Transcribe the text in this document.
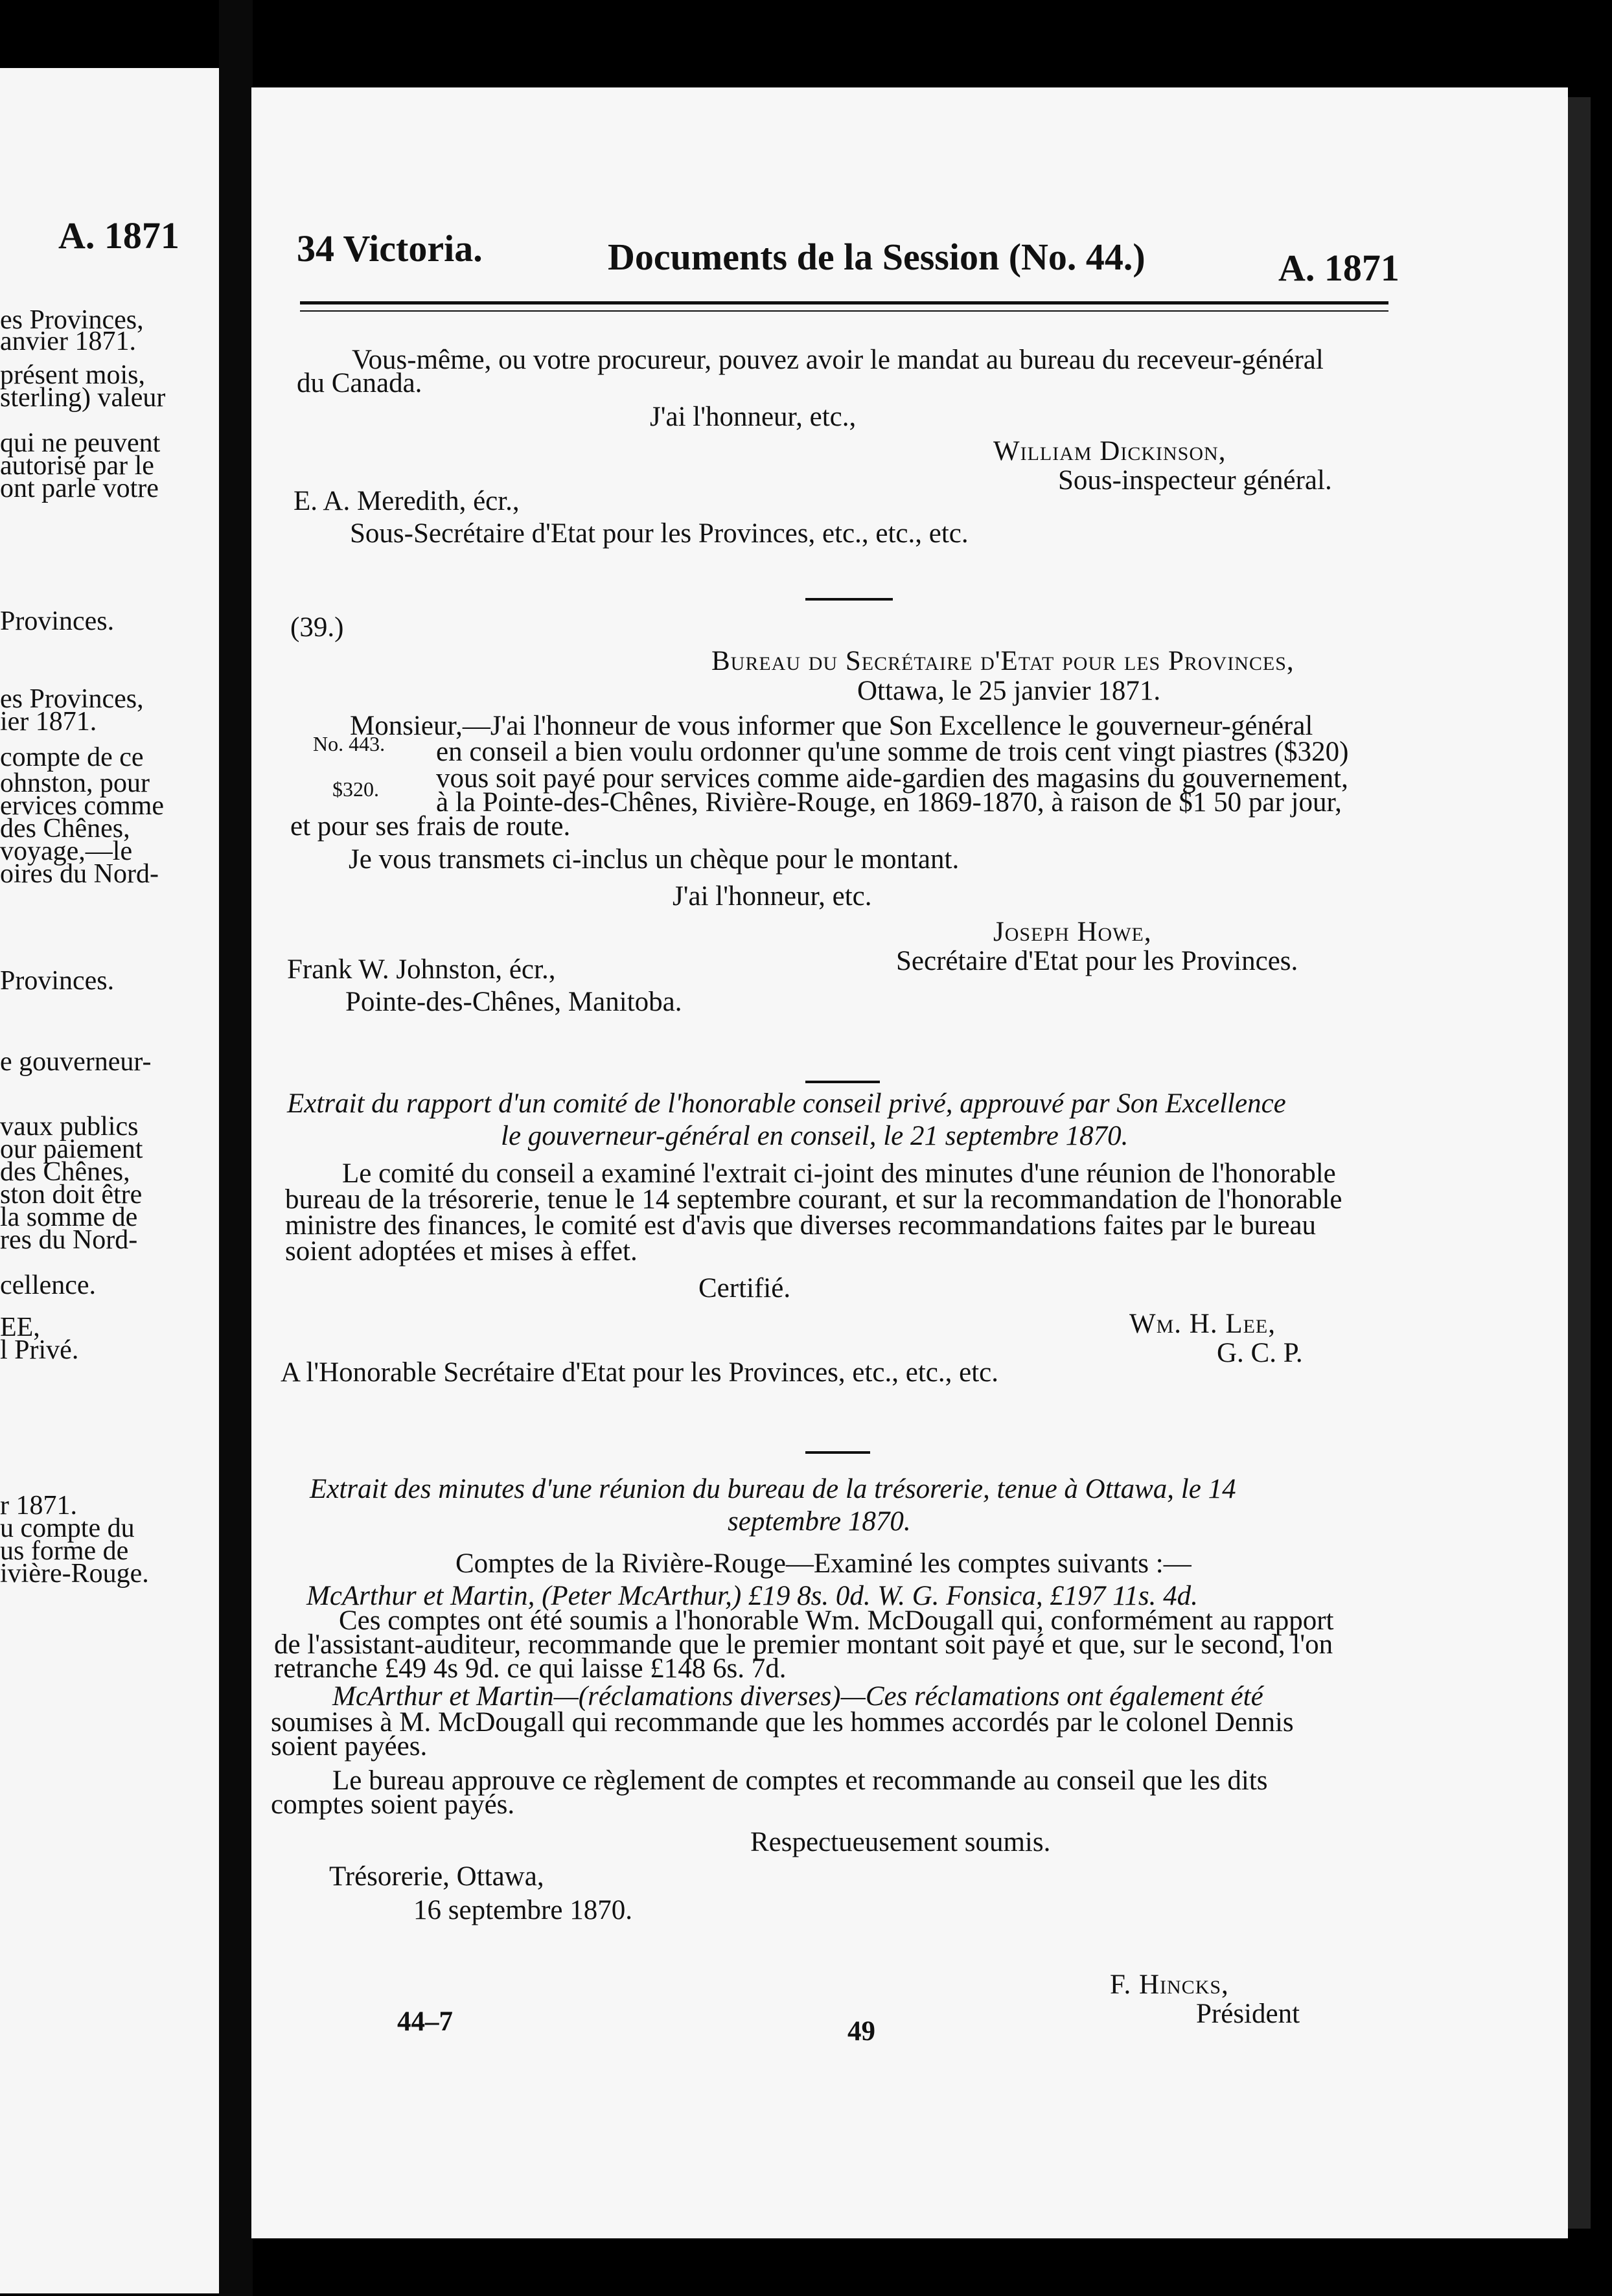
A. 1871
es Provinces,
anvier 1871.
présent mois,
sterling) valeur
qui ne peuvent
autorisé par le
ont parle votre
Provinces.
es Provinces,
ier 1871.
compte de ce
ohnston, pour
ervices comme
des Chênes,
voyage,—le
oires du Nord-
Provinces.
e gouverneur-
vaux publics
our paiement
des Chênes,
ston doit être
la somme de
res du Nord-
cellence.
EE,
l Privé.
r 1871.
u compte du
us forme de
ivière-Rouge.
34 Victoria.	Documents de la Session (No. 44.)	A. 1871
Vous-même, ou votre procureur, pouvez avoir le mandat au bureau du receveur-général
du Canada.
J'ai l'honneur, etc.,
William Dickinson,
Sous-inspecteur général.
E. A. Meredith, écr.,
Sous-Secrétaire d'Etat pour les Provinces, etc., etc., etc.
(39.)
Bureau du Secrétaire d'Etat pour les Provinces,
Ottawa, le 25 janvier 1871.
No. 443.
$320.
Monsieur,—J'ai l'honneur de vous informer que Son Excellence le gouverneur-général
en conseil a bien voulu ordonner qu'une somme de trois cent vingt piastres ($320)
vous soit payé pour services comme aide-gardien des magasins du gouvernement,
à la Pointe-des-Chênes, Rivière-Rouge, en 1869-1870, à raison de $1 50 par jour,
et pour ses frais de route.
Je vous transmets ci-inclus un chèque pour le montant.
J'ai l'honneur, etc.
Joseph Howe,
Secrétaire d'Etat pour les Provinces.
Frank W. Johnston, écr.,
Pointe-des-Chênes, Manitoba.
Extrait du rapport d'un comité de l'honorable conseil privé, approuvé par Son Excellence
le gouverneur-général en conseil, le 21 septembre 1870.
Le comité du conseil a examiné l'extrait ci-joint des minutes d'une réunion de l'honorable
bureau de la trésorerie, tenue le 14 septembre courant, et sur la recommandation de l'honorable
ministre des finances, le comité est d'avis que diverses recommandations faites par le bureau
soient adoptées et mises à effet.
Certifié.
Wm. H. Lee,
G. C. P.
A l'Honorable Secrétaire d'Etat pour les Provinces, etc., etc., etc.
Extrait des minutes d'une réunion du bureau de la trésorerie, tenue à Ottawa, le 14
septembre 1870.
Comptes de la Rivière-Rouge—Examiné les comptes suivants :—
McArthur et Martin, (Peter McArthur,) £19 8s. 0d. W. G. Fonsica, £197 11s. 4d.
Ces comptes ont été soumis a l'honorable Wm. McDougall qui, conformément au rapport
de l'assistant-auditeur, recommande que le premier montant soit payé et que, sur le second, l'on
retranche £49 4s 9d. ce qui laisse £148 6s. 7d.
McArthur et Martin—(réclamations diverses)—Ces réclamations ont également été
soumises à M. McDougall qui recommande que les hommes accordés par le colonel Dennis
soient payées.
Le bureau approuve ce règlement de comptes et recommande au conseil que les dits
comptes soient payés.
Respectueusement soumis.
Trésorerie, Ottawa,
16 septembre 1870.
F. Hincks,
Président
44–7	49
